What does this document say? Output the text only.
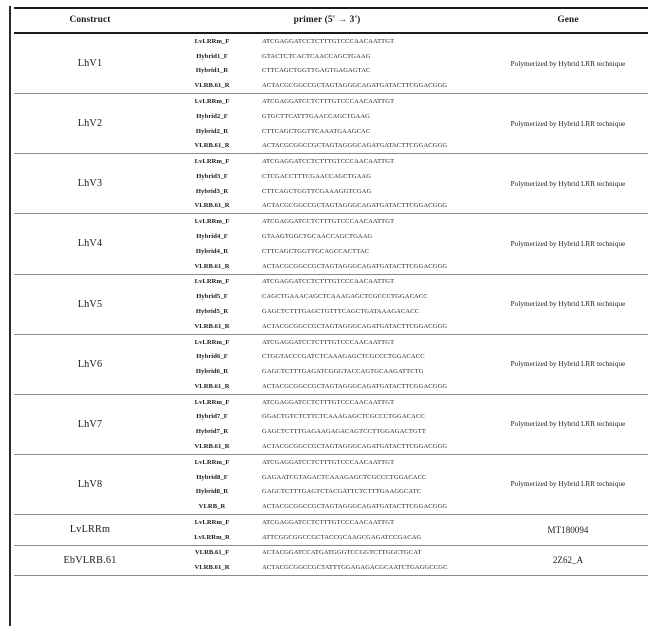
Construct	primer (5' → 3')		Gene
LhV1	LvLRRm_F	ATCGAGGATCCTCTTTGTCCCAACAATTGT	Polymerized by Hybrid LRR technique
	Hybrid1_F	GTACTCTCACTCAACCAGCTGAAG	
	Hybrid1_R	CTTCAGCTGGTTGAGTGAGAGTAC	
	VLRB.61_R	ACTACGCGGCCGCTAGTAGGGCAGATGATACTTCGGACGGG	
LhV2	LvLRRm_F	ATCGAGGATCCTCTTTGTCCCAACAATTGT	Polymerized by Hybrid LRR technique
	Hybrid2_F	GTGCTTCATTTGAACCAGCTGAAG	
	Hybrid2_R	CTTCAGCTGGTTCAAATGAAGCAC	
	VLRB.61_R	ACTACGCGGCCGCTAGTAGGGCAGATGATACTTCGGACGGG	
LhV3	LvLRRm_F	ATCGAGGATCCTCTTTGTCCCAACAATTGT	Polymerized by Hybrid LRR technique
	Hybrid3_F	CTCGACCTTTCGAACCAGCTGAAG	
	Hybrid3_R	CTTCAGCTGGTTCGAAAGGTCGAG	
	VLRB.61_R	ACTACGCGGCCGCTAGTAGGGCAGATGATACTTCGGACGGG	
LhV4	LvLRRm_F	ATCGAGGATCCTCTTTGTCCCAACAATTGT	Polymerized by Hybrid LRR technique
	Hybrid4_F	GTAAGTGGCTGCAACCAGCTGAAG	
	Hybrid4_R	CTTCAGCTGGTTGCAGCCACTTAC	
	VLRB.61_R	ACTACGCGGCCGCTAGTAGGGCAGATGATACTTCGGACGGG	
LhV5	LvLRRm_F	ATCGAGGATCCTCTTTGTCCCAACAATTGT	Polymerized by Hybrid LRR technique
	Hybrid5_F	CAGCTGAAACAGCTCAAAGAGCTCGCCCTGGACACC	
	Hybrid5_R	GAGCTCTTTGAGCTGTTTCAGCTGATAAAGACACC	
	VLRB.61_R	ACTACGCGGCCGCTAGTAGGGCAGATGATACTTCGGACGGG	
LhV6	LvLRRm_F	ATCGAGGATCCTCTTTGTCCCAACAATTGT	Polymerized by Hybrid LRR technique
	Hybrid6_F	CTGGTACCCGATCTCAAAGAGCTCGCCCTGGACACC	
	Hybrid6_R	GAGCTCTTTGAGATCGGGTACCAGTGCAAGATTCTG	
	VLRB.61_R	ACTACGCGGCCGCTAGTAGGGCAGATGATACTTCGGACGGG	
LhV7	LvLRRm_F	ATCGAGGATCCTCTTTGTCCCAACAATTGT	Polymerized by Hybrid LRR technique
	Hybrid7_F	GGACTGTCTCTTCTCAAAGAGCTCGCCCTGGACACC	
	Hybrid7_R	GAGCTCTTTGAGAAGAGACAGTCCTTGGAGACTGTT	
	VLRB.61_R	ACTACGCGGCCGCTAGTAGGGCAGATGATACTTCGGACGGG	
LhV8	LvLRRm_F	ATCGAGGATCCTCTTTGTCCCAACAATTGT	Polymerized by Hybrid LRR technique
	Hybrid8_F	GAGAATCGTAGACTCAAAGAGCTCGCCCTGGACACC	
	Hybrid8_R	GAGCTCTTTGAGTCTACGATTCTCTTTGAAGGCATC	
	VLRB_R	ACTACGCGGCCGCTAGTAGGGCAGATGATACTTCGGACGGG	
LvLRRm	LvLRRm_F	ATCGAGGATCCTCTTTGTCCCAACAATTGT	MT180094
	LvLRRm_R	ATTCGGCGGCCGCTACCGCAAGCGAGATCCGACAG	
EbVLRB.61	VLRB.61_F	ACTACGGATCCATGATGGGTCCGGTCTTGGCTGCAT	2Z62_A
	VLRB.61_R	ACTACGCGGCCGCTATTTGGAGAGACGCAATCTGAGGCCGC	
